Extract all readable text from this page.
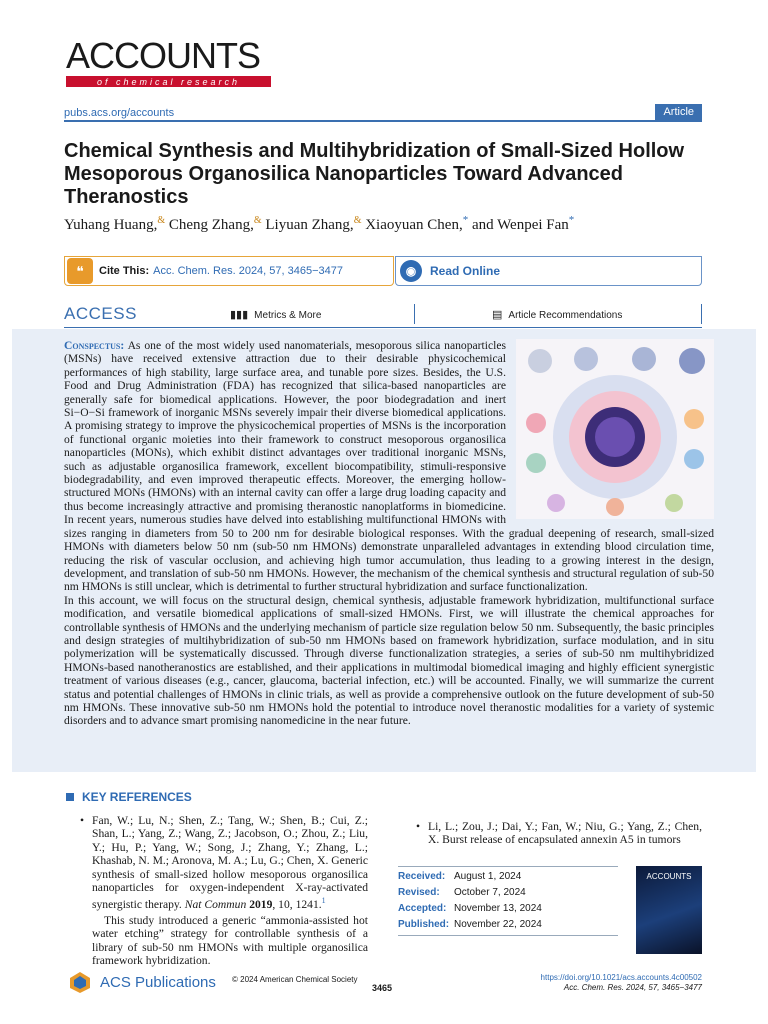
ACCOUNTS
of chemical research
pubs.acs.org/accounts	Article
Chemical Synthesis and Multihybridization of Small-Sized Hollow Mesoporous Organosilica Nanoparticles Toward Advanced Theranostics
Yuhang Huang,& Cheng Zhang,& Liyuan Zhang,& Xiaoyuan Chen,* and Wenpei Fan*
❝	Cite This: Acc. Chem. Res. 2024, 57, 3465−3477	◉	Read Online
ACCESS	▮▮▮ Metrics & More	▤ Article Recommendations

Conspectus: As one of the most widely used nanomaterials, mesoporous silica nanoparticles (MSNs) have received extensive attraction due to their desirable physicochemical performances of high stability, large surface area, and tunable pore sizes. Besides, the U.S. Food and Drug Administration (FDA) has recognized that silica-based nanoparticles are generally safe for biomedical applications. However, the poor biodegradation and inert Si−O−Si framework of inorganic MSNs severely impair their diverse biomedical applications. A promising strategy to improve the physicochemical properties of MSNs is the incorporation of functional organic moieties into their framework to construct mesoporous organosilica nanoparticles (MONs), which exhibit distinct advantages over traditional inorganic MSNs, such as adjustable organosilica framework, excellent biocompatibility, stimuli-responsive biodegradability, and even improved therapeutic effects. Moreover, the emerging hollow-structured MONs (HMONs) with an internal cavity can offer a large drug loading capacity and thus become increasingly attractive and promising theranostic nanoplatforms in biomedicine. In recent years, numerous studies have delved into establishing multifunctional HMONs with sizes ranging in diameters from 50 to 200 nm for desirable biological responses. With the gradual deepening of research, small-sized HMONs with diameters below 50 nm (sub-50 nm HMONs) demonstrate unparalleled advantages in extending blood circulation time, reducing the risk of vascular occlusion, and achieving high tumor accumulation, thus leading to a growing interest in the design, development, and translation of sub-50 nm HMONs. However, the mechanism of the chemical synthesis and structural regulation of sub-50 nm HMONs is still unclear, which is detrimental to further structural hybridization and surface functionalization.

In this account, we will focus on the structural design, chemical synthesis, adjustable framework hybridization, multifunctional surface modification, and versatile biomedical applications of small-sized HMONs. First, we will illustrate the chemical approaches for controllable synthesis of HMONs and the underlying mechanism of particle size regulation below 50 nm. Subsequently, the basic principles and design strategies of multihybridization of sub-50 nm HMONs based on framework hybridization, surface modulation, and in situ polymerization will be systematically discussed. Through diverse functionalization strategies, a series of sub-50 nm multihybridized HMONs-based nanotheranostics are established, and their applications in multimodal biomedical imaging and highly efficient synergistic treatment of various diseases (e.g., cancer, glaucoma, bacterial infection, etc.) will be accounted. Finally, we will summarize the current status and potential challenges of HMONs in clinic trials, as well as provide a comprehensive outlook on the future development of sub-50 nm HMONs. These innovative sub-50 nm HMONs hold the potential to introduce novel theranostic modalities for a variety of systemic disorders and to advance smart promising nanomedicine in the near future.

KEY REFERENCES
• Fan, W.; Lu, N.; Shen, Z.; Tang, W.; Shen, B.; Cui, Z.; Shan, L.; Yang, Z.; Wang, Z.; Jacobson, O.; Zhou, Z.; Liu, Y.; Hu, P.; Yang, W.; Song, J.; Zhang, Y.; Zhang, L.; Khashab, N. M.; Aronova, M. A.; Lu, G.; Chen, X. Generic synthesis of small-sized hollow mesoporous organosilica nanoparticles for oxygen-independent X-ray-activated synergistic therapy. Nat Commun 2019, 10, 1241.$^1$
This study introduced a generic “ammonia-assisted hot water etching” strategy for controllable synthesis of a library of sub-50 nm HMONs with multiple organosilica framework hybridization.
• Li, L.; Zou, J.; Dai, Y.; Fan, W.; Niu, G.; Yang, Z.; Chen, X. Burst release of encapsulated annexin A5 in tumors
Received: August 1, 2024
Revised:	October 7, 2024
Accepted: November 13, 2024
Published: November 22, 2024
ACCOUNTS
ACS Publications © 2024 American Chemical Society
3465
https://doi.org/10.1021/acs.accounts.4c00502
Acc. Chem. Res. 2024, 57, 3465−3477
